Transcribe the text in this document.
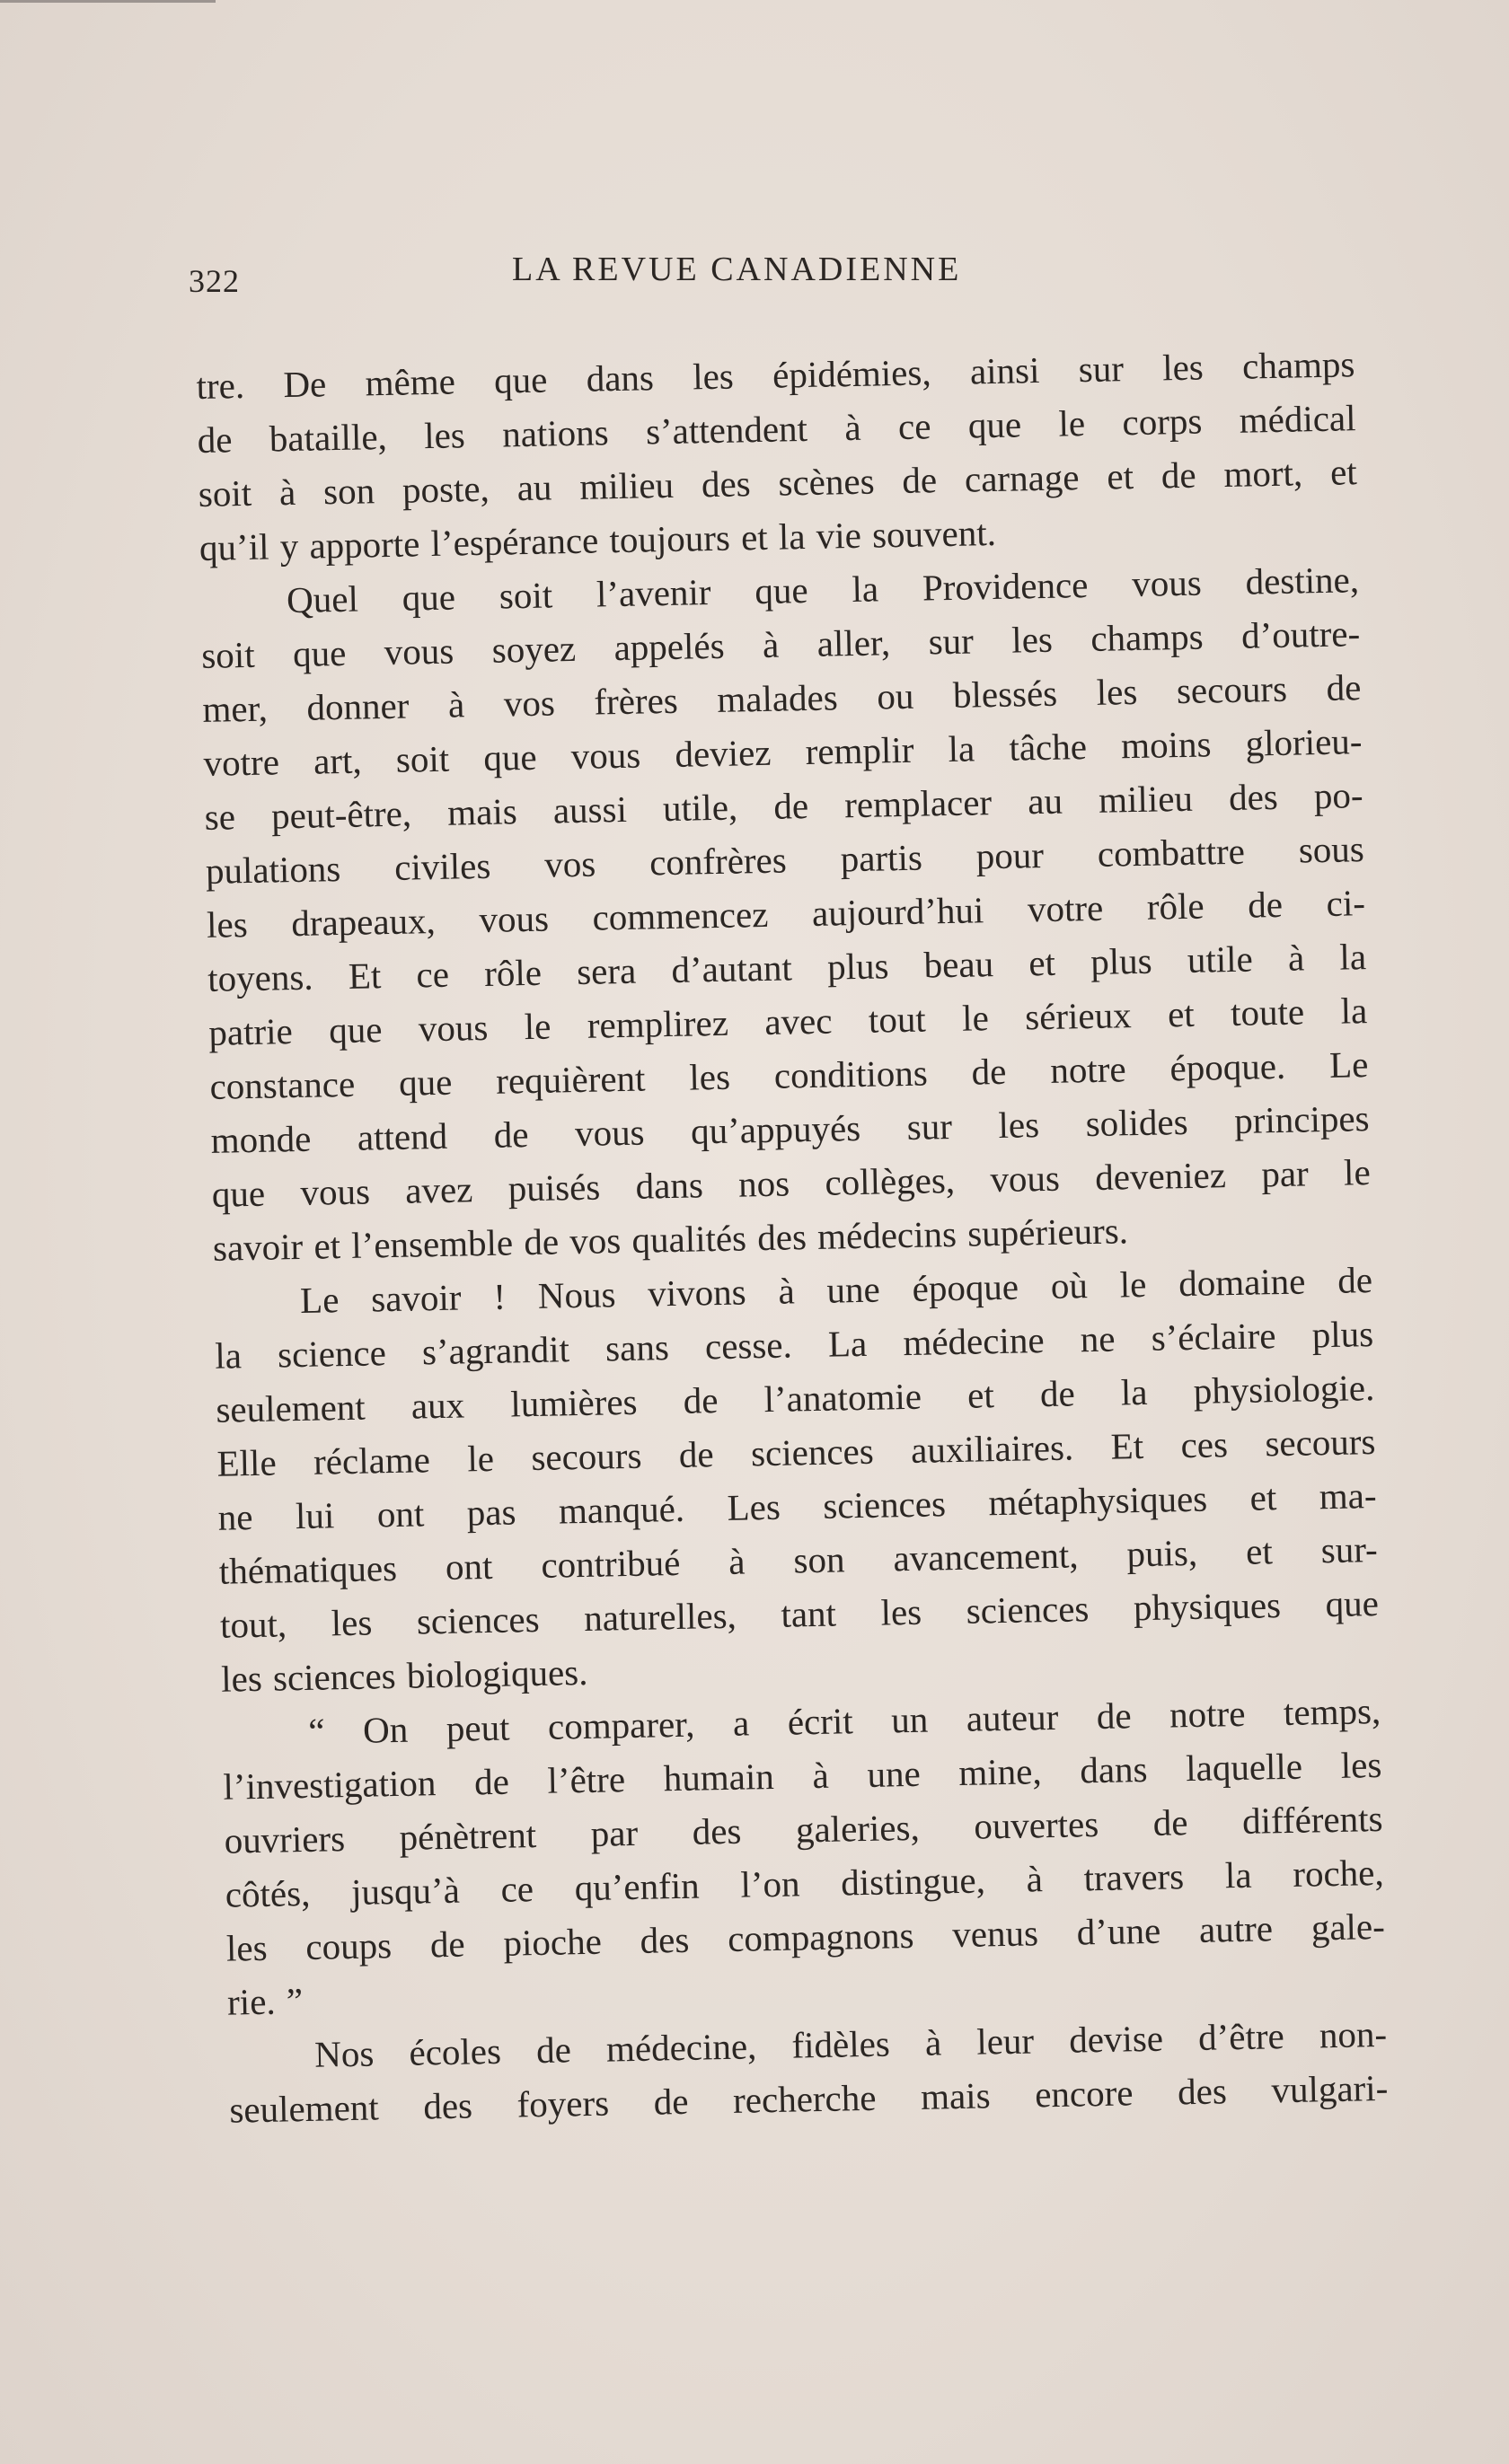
322	LA REVUE CANADIENNE
tre. De même que dans les épidémies, ainsi sur les champs
de bataille, les nations s’attendent à ce que le corps médical
soit à son poste, au milieu des scènes de carnage et de mort, et
qu’il y apporte l’espérance toujours et la vie souvent.
Quel que soit l’avenir que la Providence vous destine,
soit que vous soyez appelés à aller, sur les champs d’outre-
mer, donner à vos frères malades ou blessés les secours de
votre art, soit que vous deviez remplir la tâche moins glorieu-
se peut-être, mais aussi utile, de remplacer au milieu des po-
pulations civiles vos confrères partis pour combattre sous
les drapeaux, vous commencez aujourd’hui votre rôle de ci-
toyens. Et ce rôle sera d’autant plus beau et plus utile à la
patrie que vous le remplirez avec tout le sérieux et toute la
constance que requièrent les conditions de notre époque. Le
monde attend de vous qu’appuyés sur les solides principes
que vous avez puisés dans nos collèges, vous deveniez par le
savoir et l’ensemble de vos qualités des médecins supérieurs.
Le savoir ! Nous vivons à une époque où le domaine de
la science s’agrandit sans cesse. La médecine ne s’éclaire plus
seulement aux lumières de l’anatomie et de la physiologie.
Elle réclame le secours de sciences auxiliaires. Et ces secours
ne lui ont pas manqué. Les sciences métaphysiques et ma-
thématiques ont contribué à son avancement, puis, et sur-
tout, les sciences naturelles, tant les sciences physiques que
les sciences biologiques.
“ On peut comparer, a écrit un auteur de notre temps,
l’investigation de l’être humain à une mine, dans laquelle les
ouvriers pénètrent par des galeries, ouvertes de différents
côtés, jusqu’à ce qu’enfin l’on distingue, à travers la roche,
les coups de pioche des compagnons venus d’une autre gale-
rie. ”
Nos écoles de médecine, fidèles à leur devise d’être non-
seulement des foyers de recherche mais encore des vulgari-
